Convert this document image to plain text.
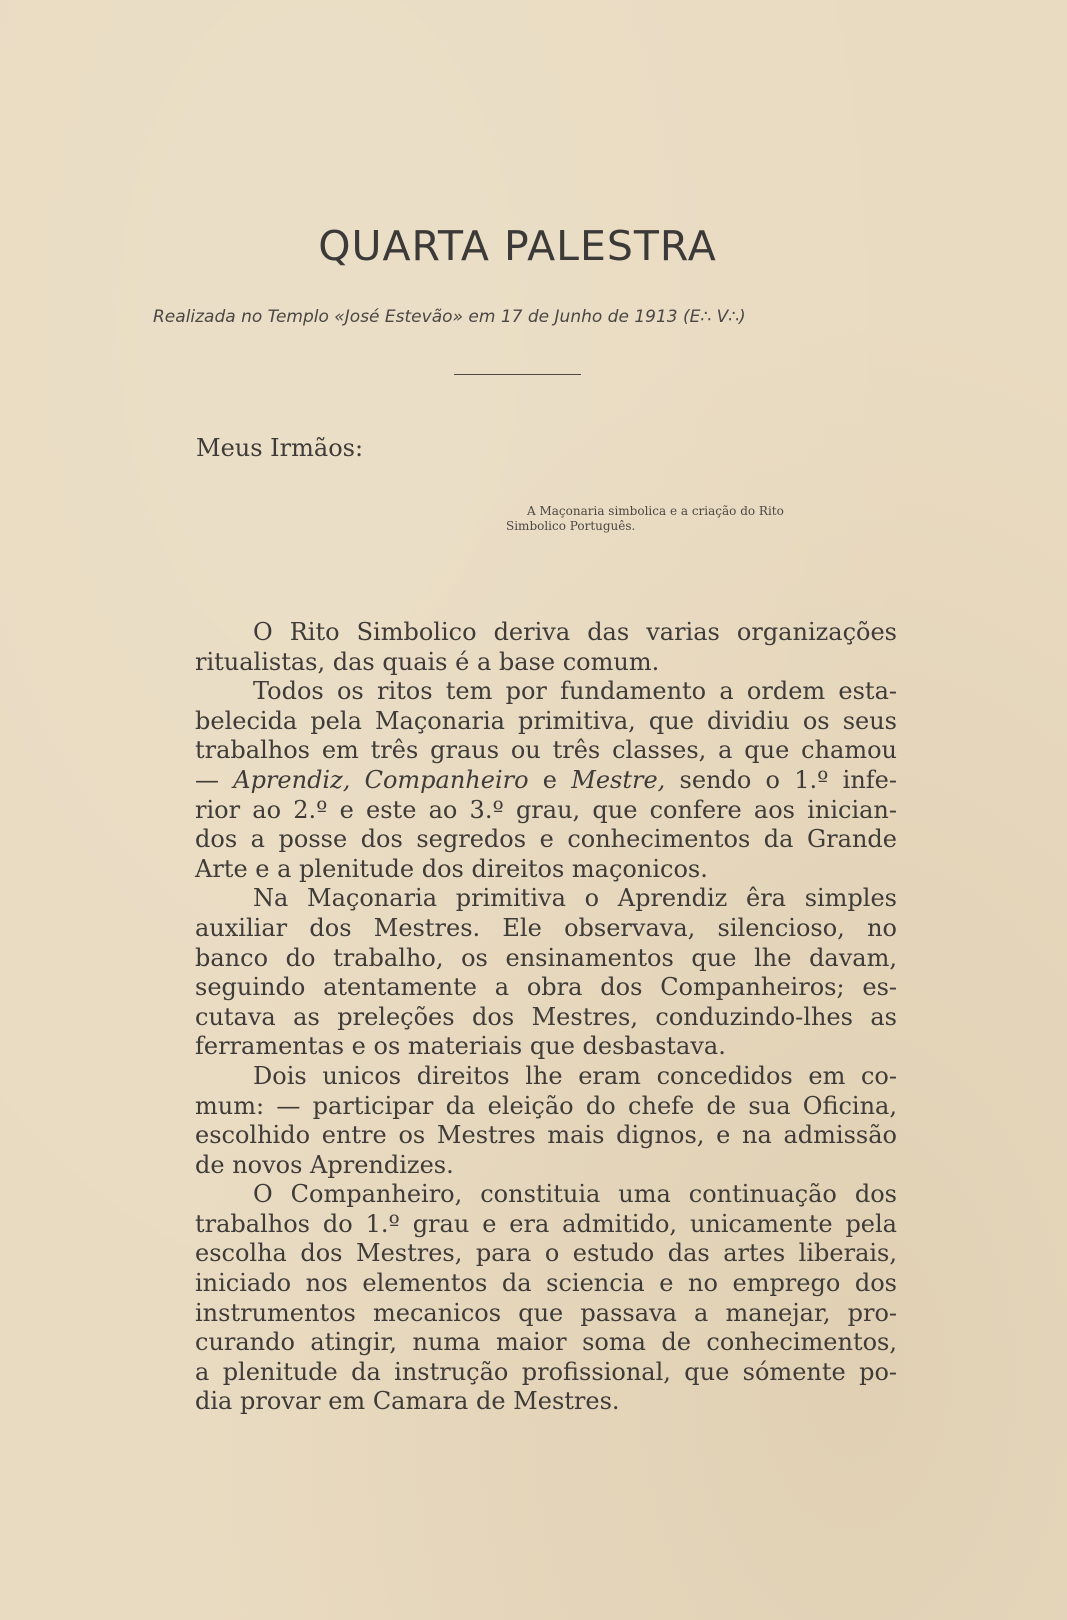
QUARTA PALESTRA

Realizada no Templo «José Estevão» em 17 de Junho de 1913 (E∴ V∴)

Meus Irmãos:

A Maçonaria simbolica e a criação do Rito
Simbolico Português.

O Rito Simbolico deriva das varias organizações
ritualistas, das quais é a base comum.

Todos os ritos tem por fundamento a ordem esta-
belecida pela Maçonaria primitiva, que dividiu os seus
trabalhos em três graus ou três classes, a que chamou
— Aprendiz, Companheiro e Mestre, sendo o 1.º infe-
rior ao 2.º e este ao 3.º grau, que confere aos inician-
dos a posse dos segredos e conhecimentos da Grande
Arte e a plenitude dos direitos maçonicos.

Na Maçonaria primitiva o Aprendiz êra simples
auxiliar dos Mestres. Ele observava, silencioso, no
banco do trabalho, os ensinamentos que lhe davam,
seguindo atentamente a obra dos Companheiros; es-
cutava as preleções dos Mestres, conduzindo-lhes as
ferramentas e os materiais que desbastava.

Dois unicos direitos lhe eram concedidos em co-
mum: — participar da eleição do chefe de sua Oficina,
escolhido entre os Mestres mais dignos, e na admissão
de novos Aprendizes.

O Companheiro, constituia uma continuação dos
trabalhos do 1.º grau e era admitido, unicamente pela
escolha dos Mestres, para o estudo das artes liberais,
iniciado nos elementos da sciencia e no emprego dos
instrumentos mecanicos que passava a manejar, pro-
curando atingir, numa maior soma de conhecimentos,
a plenitude da instrução profissional, que sómente po-
dia provar em Camara de Mestres.
